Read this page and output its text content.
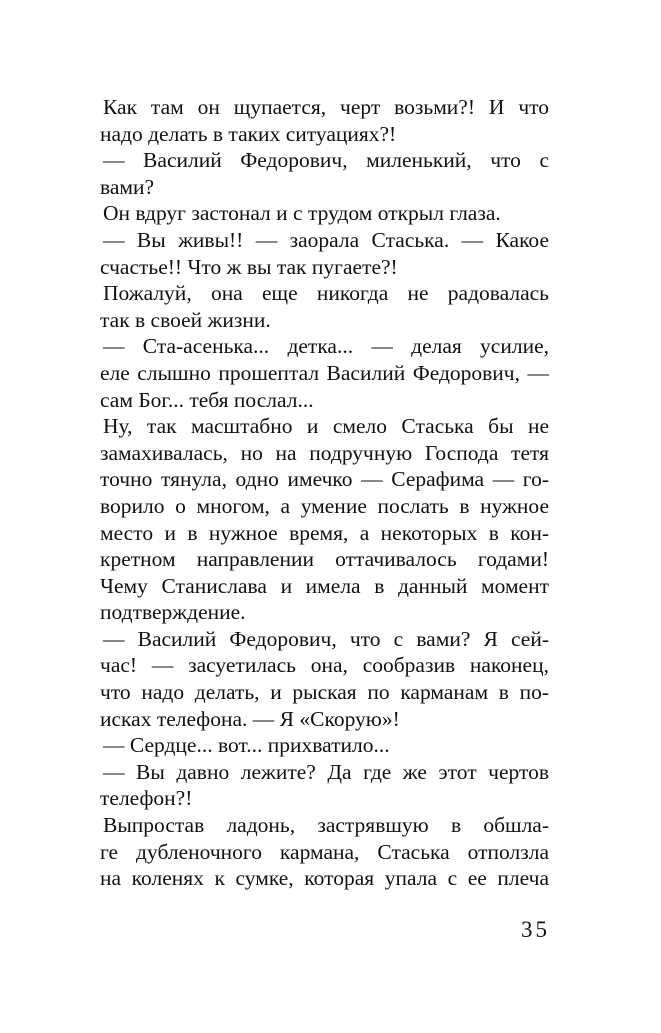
Как там он щупается, черт возьми?! И что
надо делать в таких ситуациях?!
— Василий Федорович, миленький, что с
вами?
Он вдруг застонал и с трудом открыл глаза.
— Вы живы!! — заорала Стаська. — Какое
счастье!! Что ж вы так пугаете?!
Пожалуй, она еще никогда не радовалась
так в своей жизни.
— Ста-асенька... детка... — делая усилие,
еле слышно прошептал Василий Федорович, —
сам Бог... тебя послал...
Ну, так масштабно и смело Стаська бы не
замахивалась, но на подручную Господа тетя
точно тянула, одно имечко — Серафима — го-
ворило о многом, а умение послать в нужное
место и в нужное время, а некоторых в кон-
кретном направлении оттачивалось годами!
Чему Станислава и имела в данный момент
подтверждение.
— Василий Федорович, что с вами? Я сей-
час! — засуетилась она, сообразив наконец,
что надо делать, и рыская по карманам в по-
исках телефона. — Я «Скорую»!
— Сердце... вот... прихватило...
— Вы давно лежите? Да где же этот чертов
телефон?!
Выпростав ладонь, застрявшую в обшла-
ге дубленочного кармана, Стаська отползла
на коленях к сумке, которая упала с ее плеча
35
